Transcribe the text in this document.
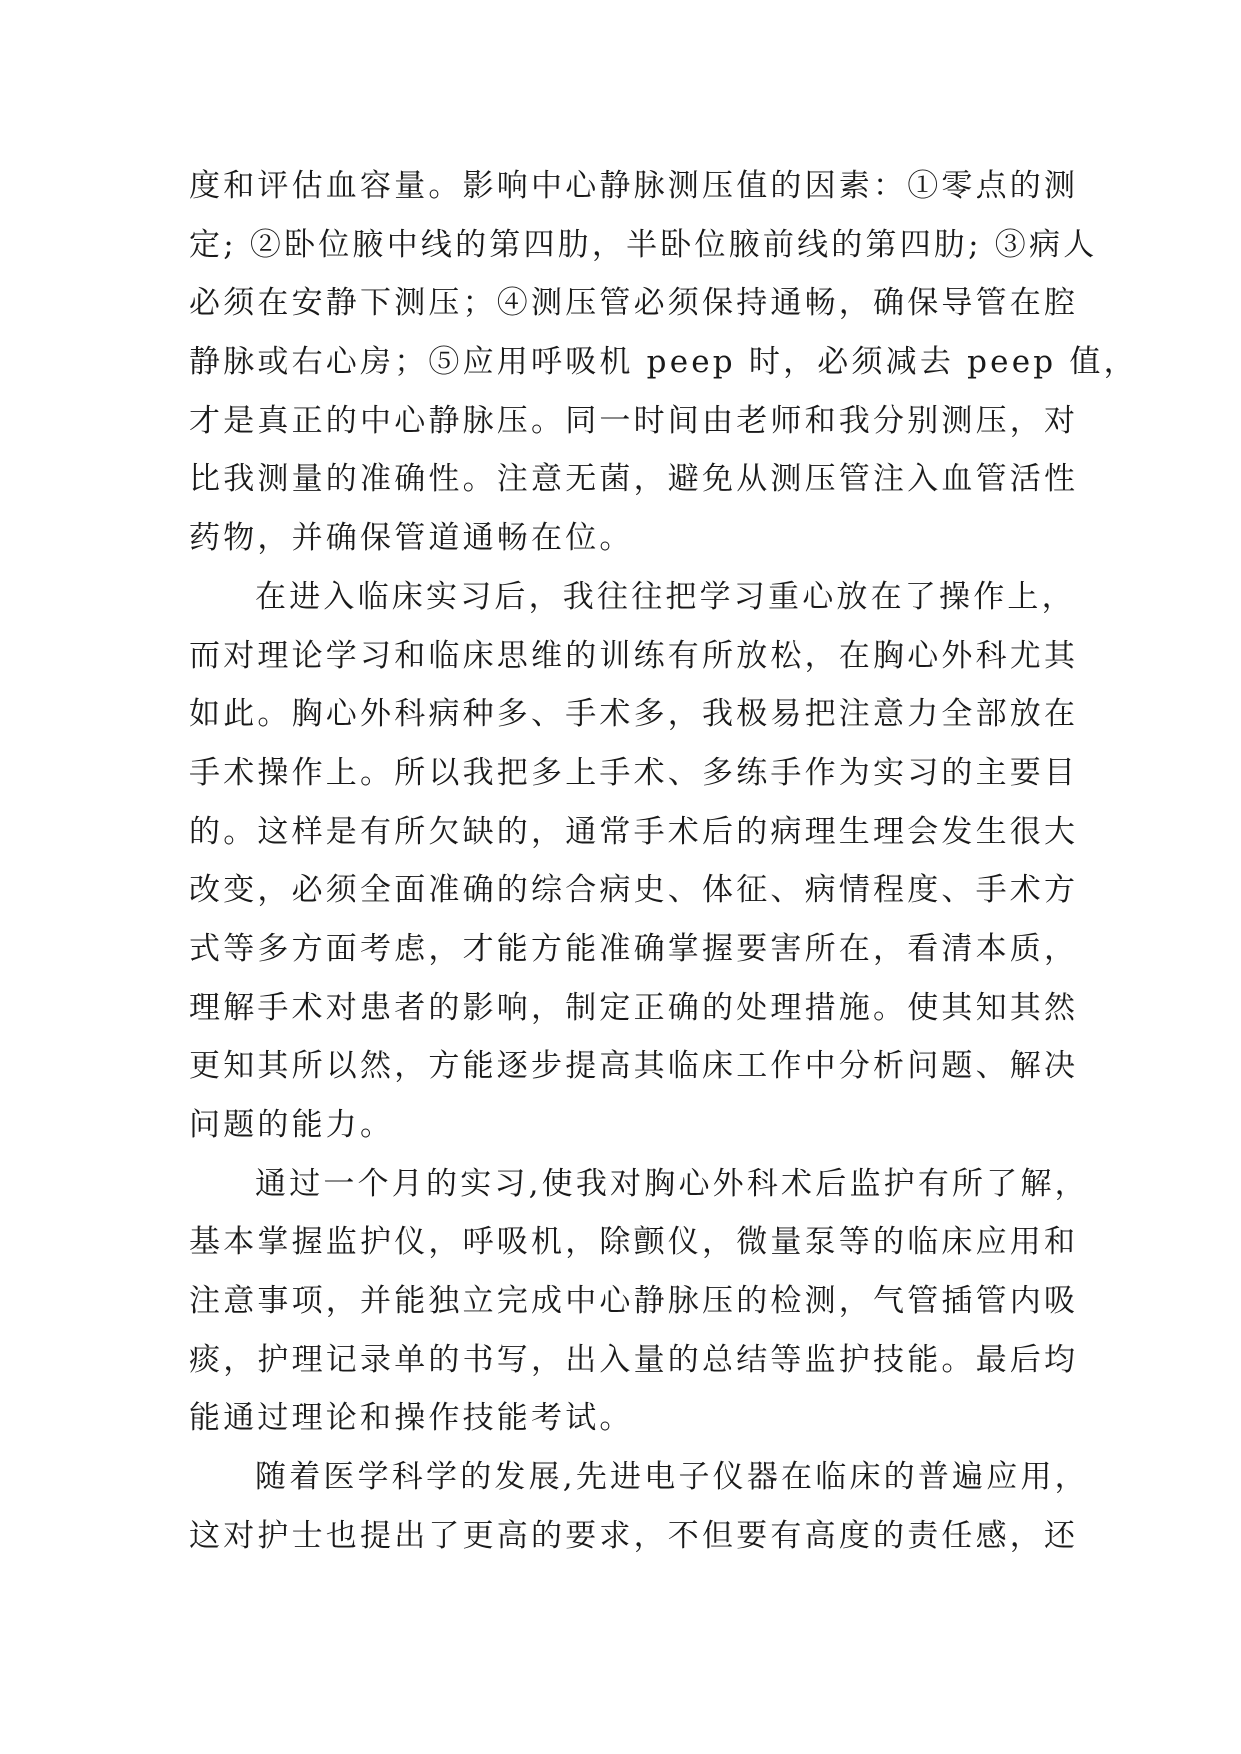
度和评估血容量。影响中心静脉测压值的因素：①零点的测
定; ②卧位腋中线的第四肋，半卧位腋前线的第四肋; ③病人
必须在安静下测压；④测压管必须保持通畅，确保导管在腔
静脉或右心房；⑤应用呼吸机 peep 时，必须减去 peep 值，
才是真正的中心静脉压。同一时间由老师和我分别测压，对
比我测量的准确性。注意无菌，避免从测压管注入血管活性
药物，并确保管道通畅在位。
在进入临床实习后，我往往把学习重心放在了操作上，
而对理论学习和临床思维的训练有所放松，在胸心外科尤其
如此。胸心外科病种多、手术多，我极易把注意力全部放在
手术操作上。所以我把多上手术、多练手作为实习的主要目
的。这样是有所欠缺的，通常手术后的病理生理会发生很大
改变，必须全面准确的综合病史、体征、病情程度、手术方
式等多方面考虑，才能方能准确掌握要害所在，看清本质，
理解手术对患者的影响，制定正确的处理措施。使其知其然
更知其所以然，方能逐步提高其临床工作中分析问题、解决
问题的能力。
通过一个月的实习,使我对胸心外科术后监护有所了解，
基本掌握监护仪，呼吸机，除颤仪，微量泵等的临床应用和
注意事项，并能独立完成中心静脉压的检测，气管插管内吸
痰，护理记录单的书写，出入量的总结等监护技能。最后均
能通过理论和操作技能考试。
随着医学科学的发展,先进电子仪器在临床的普遍应用，
这对护士也提出了更高的要求，不但要有高度的责任感，还
